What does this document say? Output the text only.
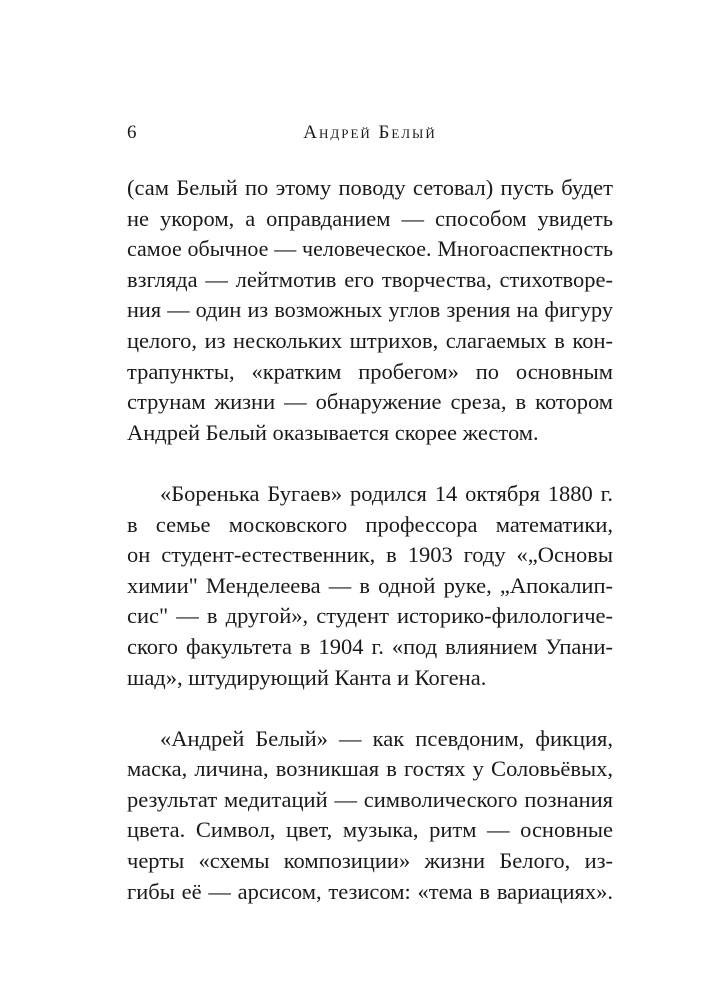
6	Андрей Белый
(сам Белый по этому поводу сетовал) пусть будет
не укором, а оправданием — способом увидеть
самое обычное — человеческое. Многоаспектность
взгляда — лейтмотив его творчества, стихотворе-
ния — один из возможных углов зрения на фигуру
целого, из нескольких штрихов, слагаемых в кон-
трапункты, «кратким пробегом» по основным
струнам жизни — обнаружение среза, в котором
Андрей Белый оказывается скорее жестом.
«Боренька Бугаев» родился 14 октября 1880 г.
в семье московского профессора математики,
он студент-естественник, в 1903 году «„Основы
химии" Менделеева — в одной руке, „Апокалип-
сис" — в другой», студент историко-филологиче-
ского факультета в 1904 г. «под влиянием Упани-
шад», штудирующий Канта и Когена.
«Андрей Белый» — как псевдоним, фикция,
маска, личина, возникшая в гостях у Соловьёвых,
результат медитаций — символического познания
цвета. Символ, цвет, музыка, ритм — основные
черты «схемы композиции» жизни Белого, из-
гибы её — арсисом, тезисом: «тема в вариациях».
